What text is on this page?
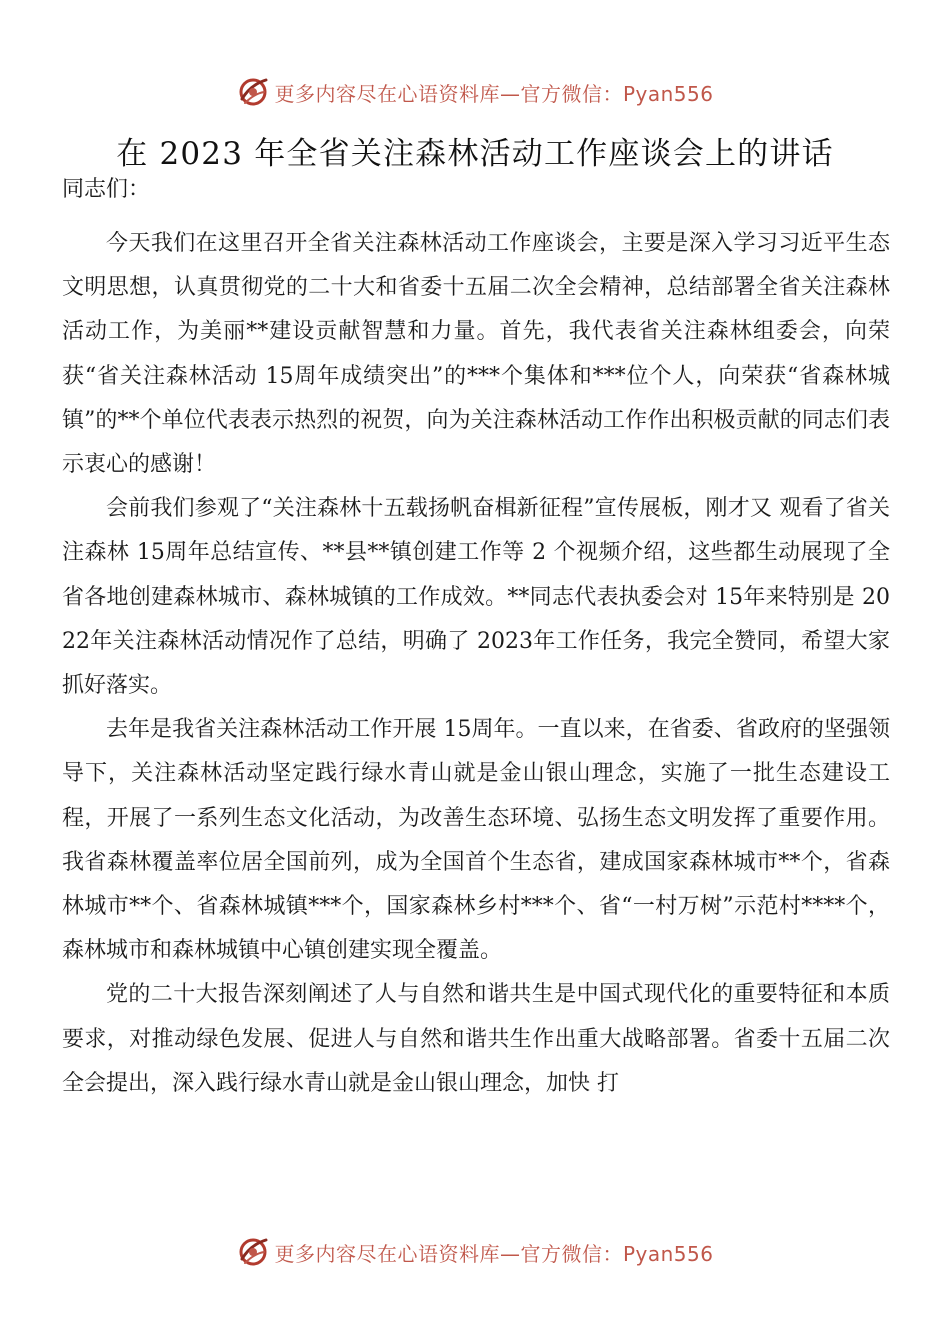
更多内容尽在心语资料库—官方微信：Pyan556
在 2023 年全省关注森林活动工作座谈会上的讲话

同志们：

今天我们在这里召开全省关注森林活动工作座谈会，主要是深入学习习近平生态文明思想，认真贯彻党的二十大和省委十五届二次全会精神，总结部署全省关注森林活动工作，为美丽**建设贡献智慧和力量。首先，我代表省关注森林组委会，向荣获“省关注森林活动 15周年成绩突出”的***个集体和***位个人，向荣获“省森林城镇”的**个单位代表表示热烈的祝贺，向为关注森林活动工作作出积极贡献的同志们表示衷心的感谢！

会前我们参观了“关注森林十五载扬帆奋楫新征程”宣传展板，刚才又 观看了省关注森林 15周年总结宣传、**县**镇创建工作等 2 个视频介绍，这些都生动展现了全省各地创建森林城市、森林城镇的工作成效。**同志代表执委会对 15年来特别是 2022年关注森林活动情况作了总结，明确了 2023年工作任务，我完全赞同，希望大家抓好落实。

去年是我省关注森林活动工作开展 15周年。一直以来，在省委、省政府的坚强领导下，关注森林活动坚定践行绿水青山就是金山银山理念，实施了一批生态建设工程，开展了一系列生态文化活动，为改善生态环境、弘扬生态文明发挥了重要作用。我省森林覆盖率位居全国前列，成为全国首个生态省，建成国家森林城市**个，省森林城市**个、省森林城镇***个，国家森林乡村***个、省“一村万树”示范村****个，森林城市和森林城镇中心镇创建实现全覆盖。

党的二十大报告深刻阐述了人与自然和谐共生是中国式现代化的重要特征和本质要求，对推动绿色发展、促进人与自然和谐共生作出重大战略部署。省委十五届二次全会提出，深入践行绿水青山就是金山银山理念，加快 打

更多内容尽在心语资料库—官方微信：Pyan556
